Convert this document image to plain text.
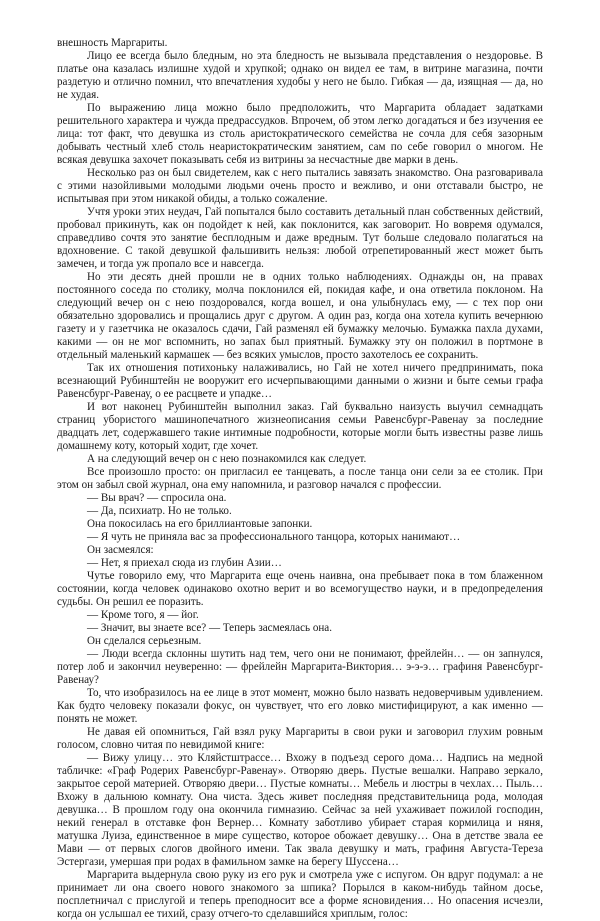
внешность Маргариты.

Лицо ее всегда было бледным, но эта бледность не вызывала представления о нездоровье. В платье она казалась излишне худой и хрупкой; однако он видел ее там, в витрине магазина, почти раздетую и отлично помнил, что впечатления худобы у него не было. Гибкая — да, изящная — да, но не худая.

По выражению лица можно было предположить, что Маргарита обладает задатками решительного характера и чужда предрассудков. Впрочем, об этом легко догадаться и без изучения ее лица: тот факт, что девушка из столь аристократического семейства не сочла для себя зазорным добывать честный хлеб столь неаристократическим занятием, сам по себе говорил о многом. Не всякая девушка захочет показывать себя из витрины за несчастные две марки в день.

Несколько раз он был свидетелем, как с него пытались завязать знакомство. Она разговаривала с этими назойливыми молодыми людьми очень просто и вежливо, и они отставали быстро, не испытывая при этом никакой обиды, а только сожаление.

Учтя уроки этих неудач, Гай попытался было составить детальный план собственных действий, пробовал прикинуть, как он подойдет к ней, как поклонится, как заговорит. Но вовремя одумался, справедливо сочтя это занятие бесплодным и даже вредным. Тут больше следовало полагаться на вдохновение. С такой девушкой фальшивить нельзя: любой отрепетированный жест может быть замечен, и тогда уж пропало все и навсегда.

Но эти десять дней прошли не в одних только наблюдениях. Однажды он, на правах постоянного соседа по столику, молча поклонился ей, покидая кафе, и она ответила поклоном. На следующий вечер он с нею поздоровался, когда вошел, и она улыбнулась ему, — с тех пор они обязательно здоровались и прощались друг с другом. А один раз, когда она хотела купить вечернюю газету и у газетчика не оказалось сдачи, Гай разменял ей бумажку мелочью. Бумажка пахла духами, какими — он не мог вспомнить, но запах был приятный. Бумажку эту он положил в портмоне в отдельный маленький кармашек — без всяких умыслов, просто захотелось ее сохранить.

Так их отношения потихоньку налаживались, но Гай не хотел ничего предпринимать, пока всезнающий Рубинштейн не вооружит его исчерпывающими данными о жизни и быте семьи графа Равенсбург-Равенау, о ее расцвете и упадке…

И вот наконец Рубинштейн выполнил заказ. Гай буквально наизусть выучил семнадцать страниц убористого машинопечатного жизнеописания семьи Равенсбург-Равенау за последние двадцать лет, содержавшего такие интимные подробности, которые могли быть известны разве лишь домашнему коту, который ходит, где хочет.

А на следующий вечер он с нею познакомился как следует.

Все произошло просто: он пригласил ее танцевать, а после танца они сели за ее столик. При этом он забыл свой журнал, она ему напомнила, и разговор начался с профессии.

— Вы врач? — спросила она.

— Да, психиатр. Но не только.

Она покосилась на его бриллиантовые запонки.

— Я чуть не приняла вас за профессионального танцора, которых нанимают…

Он засмеялся:

— Нет, я приехал сюда из глубин Азии…

Чутье говорило ему, что Маргарита еще очень наивна, она пребывает пока в том блаженном состоянии, когда человек одинаково охотно верит и во всемогущество науки, и в предопределения судьбы. Он решил ее поразить.

— Кроме того, я — йог.

— Значит, вы знаете все? — Теперь засмеялась она.

Он сделался серьезным.

— Люди всегда склонны шутить над тем, чего они не понимают, фрейлейн… — он запнулся, потер лоб и закончил неуверенно: — фрейлейн Маргарита-Виктория… э-э-э… графиня Равенсбург-Равенау?

То, что изобразилось на ее лице в этот момент, можно было назвать недоверчивым удивлением. Как будто человеку показали фокус, он чувствует, что его ловко мистифицируют, а как именно — понять не может.

Не давая ей опомниться, Гай взял руку Маргариты в свои руки и заговорил глухим ровным голосом, словно читая по невидимой книге:

— Вижу улицу… это Кляйстштрассе… Вхожу в подъезд серого дома… Надпись на медной табличке: «Граф Родерих Равенсбург-Равенау». Отворяю дверь. Пустые вешалки. Направо зеркало, закрытое серой материей. Отворяю двери… Пустые комнаты… Мебель и люстры в чехлах… Пыль… Вхожу в дальнюю комнату. Она чиста. Здесь живет последняя представительница рода, молодая девушка… В прошлом году она окончила гимназию. Сейчас за ней ухаживает пожилой господин, некий генерал в отставке фон Вернер… Комнату заботливо убирает старая кормилица и няня, матушка Луиза, единственное в мире существо, которое обожает девушку… Она в детстве звала ее Мави — от первых слогов двойного имени. Так звала девушку и мать, графиня Августа-Тереза Эстергази, умершая при родах в фамильном замке на берегу Шуссена…

Маргарита выдернула свою руку из его рук и смотрела уже с испугом. Он вдруг подумал: а не принимает ли она своего нового знакомого за шпика? Порылся в каком-нибудь тайном досье, посплетничал с прислугой и теперь преподносит все а форме ясновидения… Но опасения исчезли, когда он услышал ее тихий, сразу отчего-то сделавшийся хриплым, голос:
